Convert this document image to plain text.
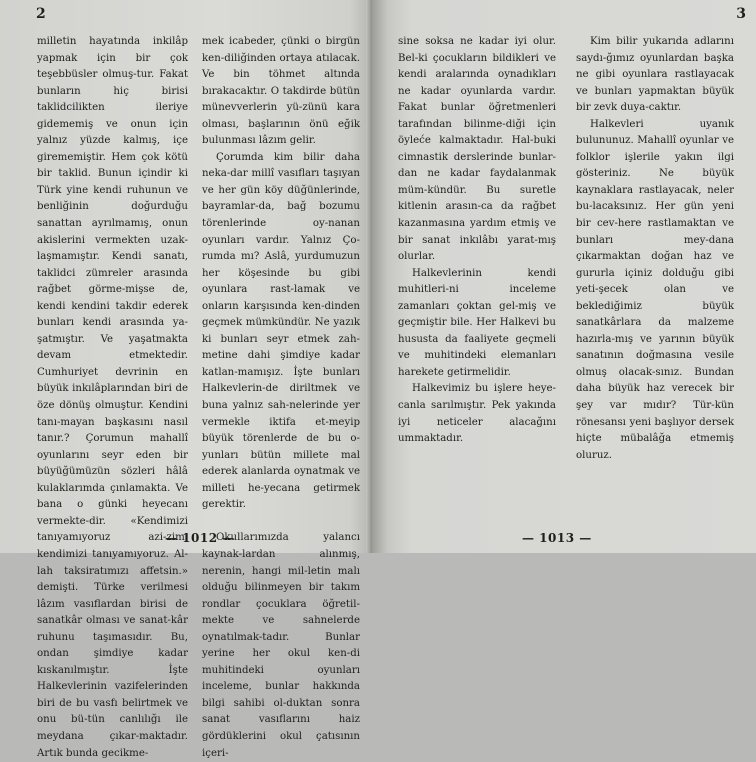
2

milletin hayatında inkilâp yapmak için bir çok teşebbüsler olmuş-tur. Fakat bunların hiç birisi taklidcilikten ileriye gidememiş ve onun için yalnız yüzde kalmış, içe girememiştir. Hem çok kötü bir taklid. Bunun içindir ki Türk yine kendi ruhunun ve benliğinin doğurduğu sanattan ayrılmamış, onun akislerini vermekten uzak-laşmamıştır. Kendi sanatı, taklidci zümreler arasında rağbet görme-mişse de, kendi kendini takdir ederek bunları kendi arasında ya-şatmıştır. Ve yaşatmakta devam etmektedir. Cumhuriyet devrinin en büyük inkılâplarından biri de öze dönüş olmuştur. Kendini tanı-mayan başkasını nasıl tanır.? Çorumun mahallî oyunlarını seyr eden bir büyüğümüzün sözleri hâlâ kulaklarımda çınlamakta. Ve bana o günki heyecanı vermekte-dir. «Kendimizi tanıyamıyoruz azi-zim, kendimizi tanıyamıyoruz. Al-lah taksiratımızı affetsin.» demişti. Türke verilmesi lâzım vasıflardan birisi de sanatkâr olması ve sanat-kâr ruhunu taşımasıdır. Bu, ondan şimdiye kadar kıskanılmıştır. İşte Halkevlerinin vazifelerinden biri de bu vasfı belirtmek ve onu bü-tün canlılığı ile meydana çıkar-maktadır. Artık bunda gecikme-

mek icabeder, çünki o birgün ken-diliğinden ortaya atılacak. Ve bin töhmet altında bırakacaktır. O takdirde bütün münevverlerin yü-zünü kara olması, başlarının önü eğik bulunması lâzım gelir.

Çorumda kim bilir daha neka-dar millî vasıfları taşıyan ve her gün köy düğünlerinde, bayramlar-da, bağ bozumu törenlerinde oy-nanan oyunları vardır. Yalnız Ço-rumda mı? Aslâ, yurdumuzun her köşesinde bu gibi oyunlara rast-lamak ve onların karşısında ken-dinden geçmek mümkündür. Ne yazık ki bunları seyr etmek zah-metine dahi şimdiye kadar katlan-mamışız. İşte bunları Halkevlerin-de diriltmek ve buna yalnız sah-nelerinde yer vermekle iktifa et-meyip büyük törenlerde de bu o-yunları bütün millete mal ederek alanlarda oynatmak ve milleti he-yecana getirmek gerektir.

Okullarımızda yalancı kaynak-lardan alınmış, nerenin, hangi mil-letin malı olduğu bilinmeyen bir takım rondlar çocuklara öğretil-mekte ve sahnelerde oynatılmak-tadır. Bunlar yerine her okul ken-di muhitindeki oyunları inceleme, bunlar hakkında bilgi sahibi ol-duktan sonra sanat vasıflarını haiz gördüklerini okul çatısının içeri-

— 1012 —
3

sine soksa ne kadar iyi olur. Bel-ki çocukların bildikleri ve kendi aralarında oynadıkları ne kadar oyunlarda vardır. Fakat bunlar öğretmenleri tarafından bilinme-diği için öyleće kalmaktadır. Hal-buki cimnastik derslerinde bunlar-dan ne kadar faydalanmak müm-kündür. Bu suretle kitlenin arasın-ca da rağbet kazanmasına yardım etmiş ve bir sanat inkılâbı yarat-mış olurlar.

Halkevlerinin kendi muhitleri-ni inceleme zamanları çoktan gel-miş ve geçmiştir bile. Her Halkevi bu hususta da faaliyete geçmeli ve muhitindeki elemanları harekete getirmelidir.

Halkevimiz bu işlere heye-canla sarılmıştır. Pek yakında iyi neticeler alacağını ummaktadır.

Kim bilir yukarıda adlarını saydı-ğımız oyunlardan başka ne gibi oyunlara rastlayacak ve bunları yapmaktan büyük bir zevk duya-caktır.

Halkevleri uyanık bulununuz. Mahallî oyunlar ve folklor işlerile yakın ilgi gösteriniz. Ne büyük kaynaklara rastlayacak, neler bu-lacaksınız. Her gün yeni bir cev-here rastlamaktan ve bunları mey-dana çıkarmaktan doğan haz ve gururla içiniz dolduğu gibi yeti-şecek olan ve beklediğimiz büyük sanatkârlara da malzeme hazırla-mış ve yarının büyük sanatının doğmasına vesile olmuş olacak-sınız. Bundan daha büyük haz verecek bir şey var mıdır? Tür-kün rönesansı yeni başlıyor dersek hiçte mübalâğa etmemiş oluruz.

— 1013 —
